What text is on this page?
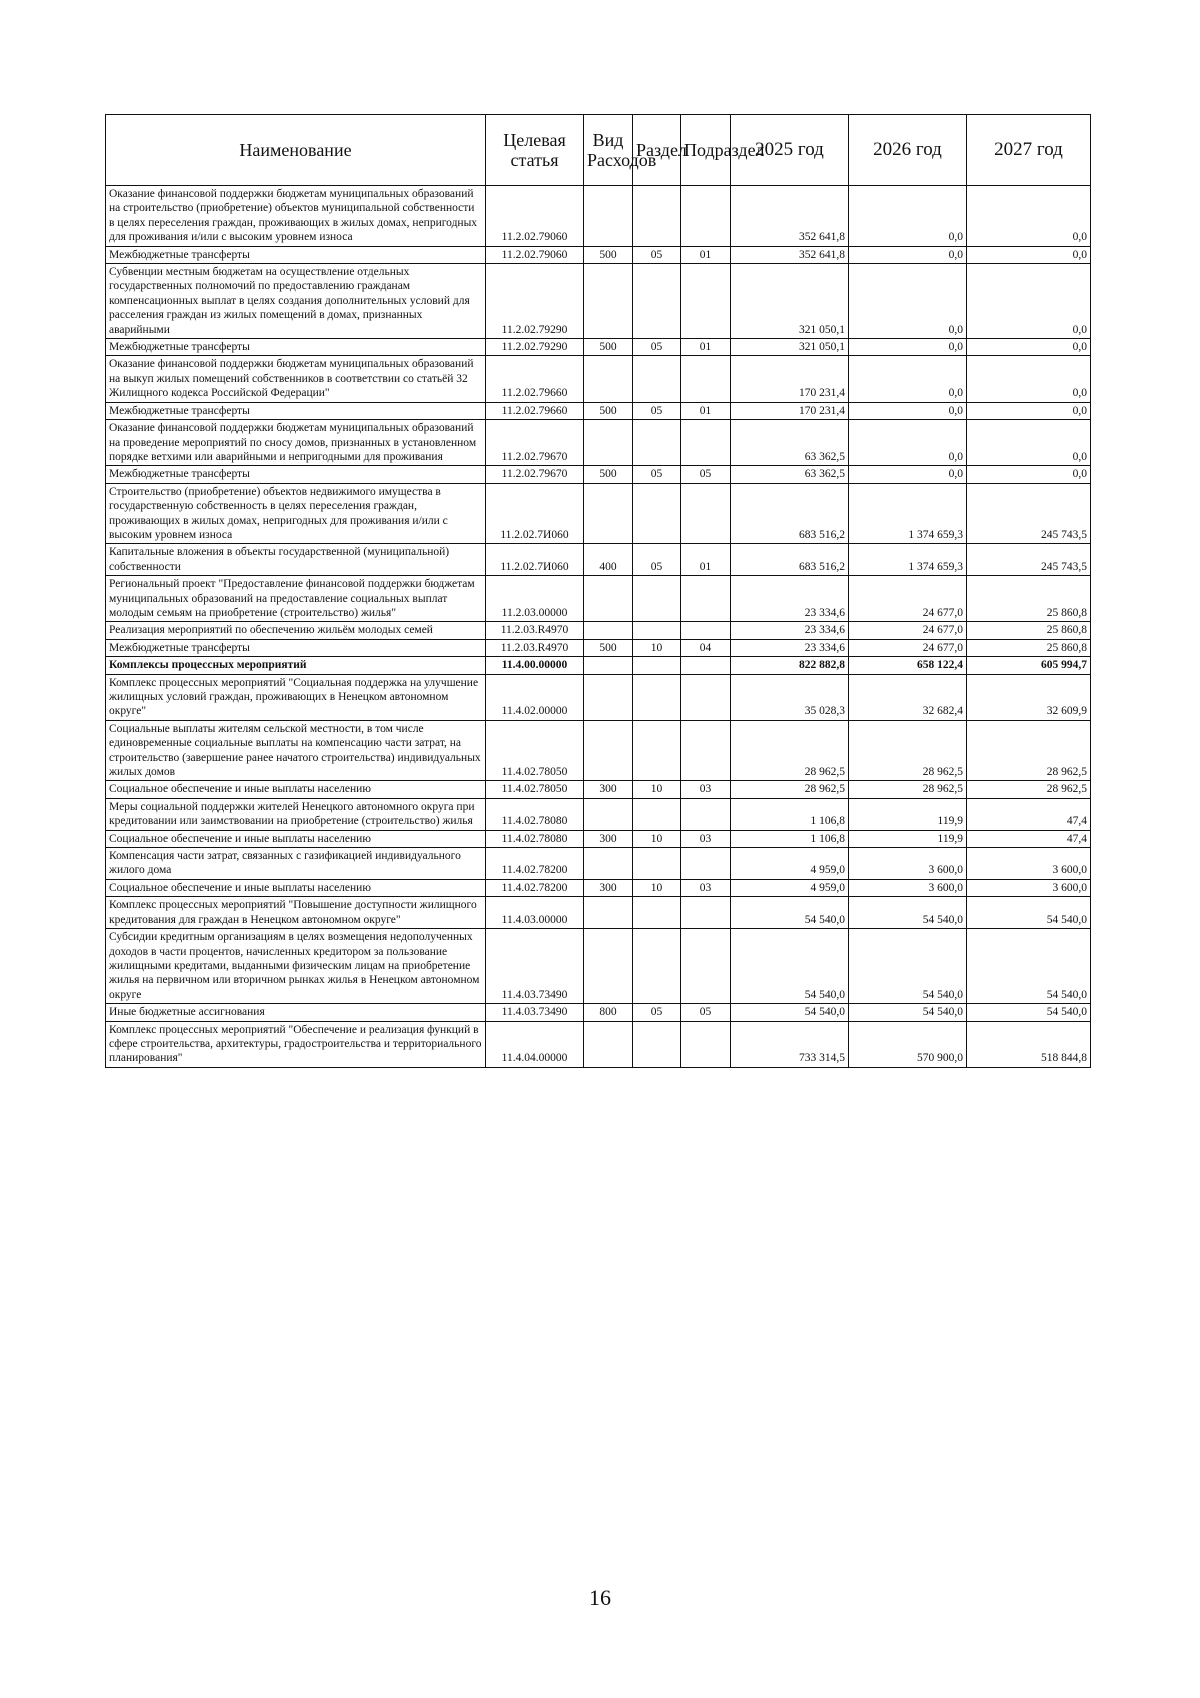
Наименование	Целевая статья	Вид Расходов	Раздел	Подраздел	2025 год	2026 год	2027 год
Оказание финансовой поддержки бюджетам муниципальных образований на строительство (приобретение) объектов муниципальной собственности в целях переселения граждан, проживающих в жилых домах, непригодных для проживания и/или с высоким уровнем износа	11.2.02.79060				352 641,8	0,0	0,0
Межбюджетные трансферты	11.2.02.79060	500	05	01	352 641,8	0,0	0,0
Субвенции местным бюджетам на осуществление отдельных государственных полномочий по предоставлению гражданам компенсационных выплат в целях создания дополнительных условий для расселения граждан из жилых помещений в домах, признанных аварийными	11.2.02.79290				321 050,1	0,0	0,0
Межбюджетные трансферты	11.2.02.79290	500	05	01	321 050,1	0,0	0,0
Оказание финансовой поддержки бюджетам муниципальных образований на выкуп жилых помещений собственников в соответствии со статьёй 32 Жилищного кодекса Российской Федерации"	11.2.02.79660				170 231,4	0,0	0,0
Межбюджетные трансферты	11.2.02.79660	500	05	01	170 231,4	0,0	0,0
Оказание финансовой поддержки бюджетам муниципальных образований на проведение мероприятий по сносу домов, признанных в установленном порядке ветхими или аварийными и непригодными для проживания	11.2.02.79670				63 362,5	0,0	0,0
Межбюджетные трансферты	11.2.02.79670	500	05	05	63 362,5	0,0	0,0
Строительство (приобретение) объектов недвижимого имущества в государственную собственность в целях переселения граждан, проживающих в жилых домах, непригодных для проживания и/или с высоким уровнем износа	11.2.02.7И060				683 516,2	1 374 659,3	245 743,5
Капитальные вложения в объекты государственной (муниципальной) собственности	11.2.02.7И060	400	05	01	683 516,2	1 374 659,3	245 743,5
Региональный проект "Предоставление финансовой поддержки бюджетам муниципальных образований на предоставление социальных выплат молодым семьям на приобретение (строительство) жилья"	11.2.03.00000				23 334,6	24 677,0	25 860,8
Реализация мероприятий по обеспечению жильём молодых семей	11.2.03.R4970				23 334,6	24 677,0	25 860,8
Межбюджетные трансферты	11.2.03.R4970	500	10	04	23 334,6	24 677,0	25 860,8
Комплексы процессных мероприятий	11.4.00.00000				822 882,8	658 122,4	605 994,7
Комплекс процессных мероприятий "Социальная поддержка на улучшение жилищных условий граждан, проживающих в Ненецком автономном округе"	11.4.02.00000				35 028,3	32 682,4	32 609,9
Социальные выплаты жителям сельской местности, в том числе единовременные социальные выплаты на компенсацию части затрат, на строительство (завершение ранее начатого строительства) индивидуальных жилых домов	11.4.02.78050				28 962,5	28 962,5	28 962,5
Социальное обеспечение и иные выплаты населению	11.4.02.78050	300	10	03	28 962,5	28 962,5	28 962,5
Меры социальной поддержки жителей Ненецкого автономного округа при кредитовании или заимствовании на приобретение (строительство) жилья	11.4.02.78080				1 106,8	119,9	47,4
Социальное обеспечение и иные выплаты населению	11.4.02.78080	300	10	03	1 106,8	119,9	47,4
Компенсация части затрат, связанных с газификацией индивидуального жилого дома	11.4.02.78200				4 959,0	3 600,0	3 600,0
Социальное обеспечение и иные выплаты населению	11.4.02.78200	300	10	03	4 959,0	3 600,0	3 600,0
Комплекс процессных мероприятий "Повышение доступности жилищного кредитования для граждан в Ненецком автономном округе"	11.4.03.00000				54 540,0	54 540,0	54 540,0
Субсидии кредитным организациям в целях возмещения недополученных доходов в части процентов, начисленных кредитором за пользование жилищными кредитами, выданными физическим лицам на приобретение жилья на первичном или вторичном рынках жилья в Ненецком автономном округе	11.4.03.73490				54 540,0	54 540,0	54 540,0
Иные бюджетные ассигнования	11.4.03.73490	800	05	05	54 540,0	54 540,0	54 540,0
Комплекс процессных мероприятий "Обеспечение и реализация функций в сфере строительства, архитектуры, градостроительства и территориального планирования"	11.4.04.00000				733 314,5	570 900,0	518 844,8
16
